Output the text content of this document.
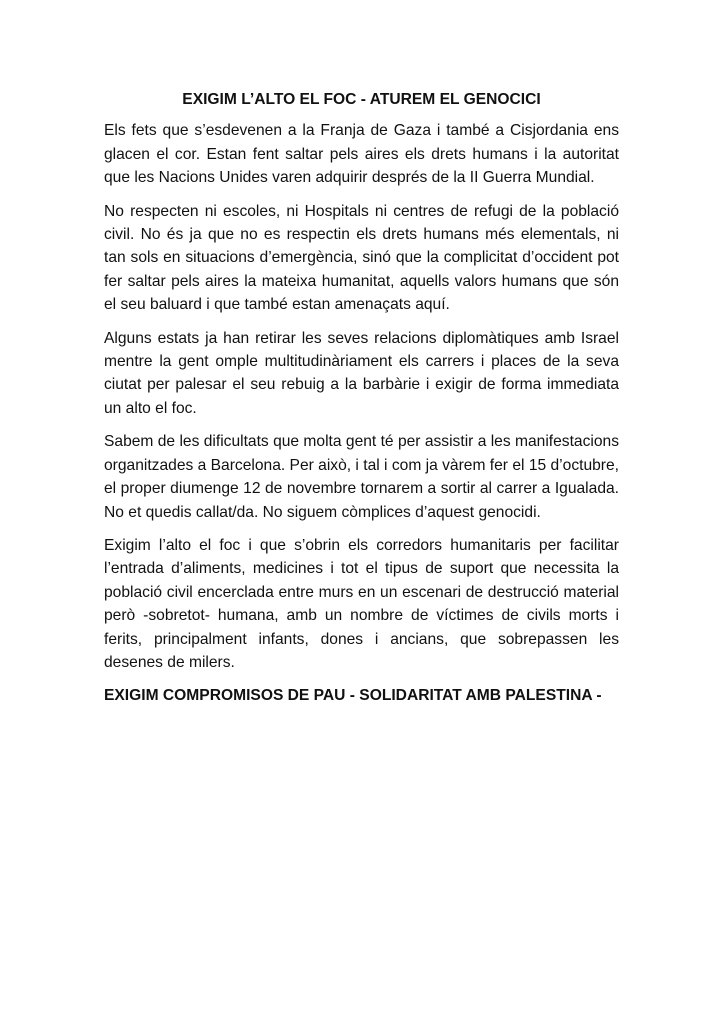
EXIGIM L’ALTO EL FOC - ATUREM EL GENOCICI

Els fets que s’esdevenen a la Franja de Gaza i també a Cisjordania ens glacen el cor. Estan fent saltar pels aires els drets humans i la autoritat que les Nacions Unides varen adquirir després de la II Guerra Mundial.

No respecten ni escoles, ni Hospitals ni centres de refugi de la població civil. No és ja que no es respectin els drets humans més elementals, ni tan sols en situacions d’emergència, sinó que la complicitat d’occident pot fer saltar pels aires la mateixa humanitat, aquells valors humans que són el seu baluard i que també estan amenaçats aquí.

Alguns estats ja han retirar les seves relacions diplomàtiques amb Israel mentre la gent omple multitudinàriament els carrers i places de la seva ciutat per palesar el seu rebuig a la barbàrie i exigir de forma immediata un alto el foc.

Sabem de les dificultats que molta gent té per assistir a les manifestacions organitzades a Barcelona. Per això, i tal i com ja vàrem fer el 15 d’octubre, el proper diumenge 12 de novembre tornarem a sortir al carrer a Igualada. No et quedis callat/da. No siguem còmplices d’aquest genocidi.

Exigim l’alto el foc i que s’obrin els corredors humanitaris per facilitar l’entrada d’aliments, medicines i tot el tipus de suport que necessita la població civil encerclada entre murs en un escenari de destrucció material però -sobretot- humana, amb un nombre de víctimes de civils morts i ferits, principalment infants, dones i ancians, que sobrepassen les desenes de milers.

EXIGIM COMPROMISOS DE PAU - SOLIDARITAT AMB PALESTINA -
